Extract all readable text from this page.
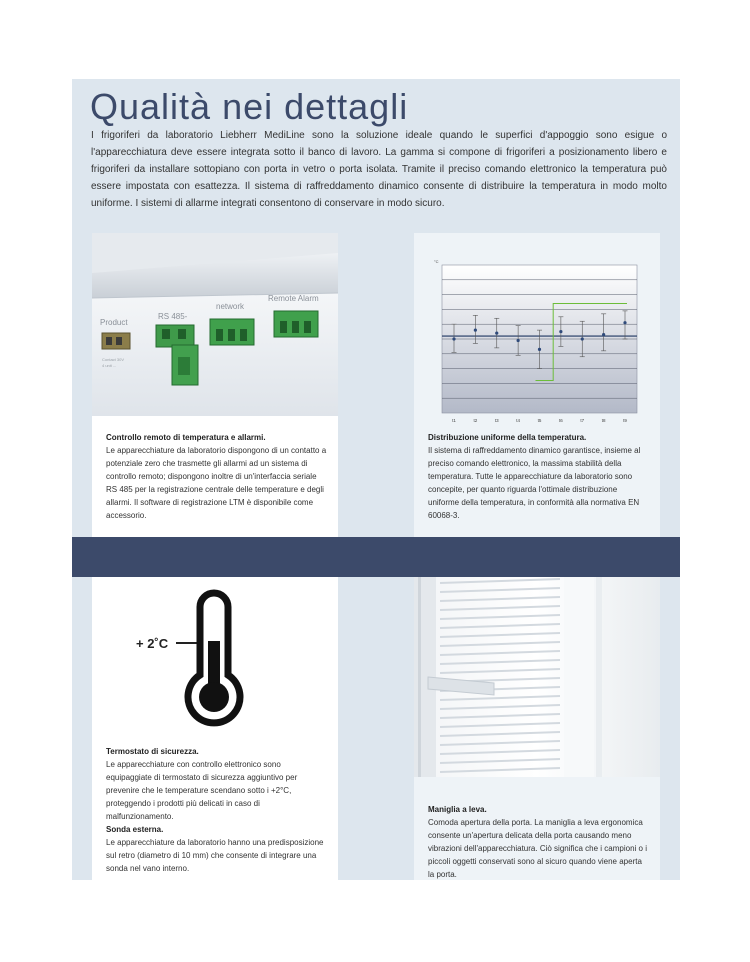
Qualità nei dettagli

I frigoriferi da laboratorio Liebherr MediLine sono la soluzione ideale quando le superfici d'appoggio sono esigue o l'apparecchiatura deve essere integrata sotto il banco di lavoro. La gamma si compone di frigoriferi a posizionamento libero e frigoriferi da installare sottopiano con porta in vetro o porta isolata. Tramite il preciso comando elettronico la temperatura può essere impostata con esattezza. Il sistema di raffreddamento dinamico consente di distribuire la temperatura in modo molto uniforme. I sistemi di allarme integrati consentono di conservare in modo sicuro.

Product
RS 485-
network
Remote Alarm
Contact 30V
4 unit ...
Controllo remoto di temperatura e allarmi.

Le apparecchiature da laboratorio dispongono di un contatto a potenziale zero che trasmette gli allarmi ad un sistema di controllo remoto; dispongono inoltre di un'interfaccia seriale RS 485 per la registrazione centrale delle temperature e degli allarmi. Il software di registrazione LTM è disponibile come accessorio.

°C
t1	t2	t3	t4	t5	t6	t7	t8	t9
Distribuzione uniforme della temperatura.

Il sistema di raffreddamento dinamico garantisce, insieme al preciso comando elettronico, la massima stabilità della temperatura. Tutte le apparecchiature da laboratorio sono concepite, per quanto riguarda l'ottimale distribuzione uniforme della temperatura, in conformità alla normativa EN 60068-3.

+ 2˚C
Termostato di sicurezza.

Le apparecchiature con controllo elettronico sono equipaggiate di termostato di sicurezza aggiuntivo per prevenire che le temperature scendano sotto i +2°C, proteggendo i prodotti più delicati in caso di malfunzionamento.

Sonda esterna.

Le apparecchiature da laboratorio hanno una predisposizione sul retro (diametro di 10 mm) che consente di integrare una sonda nel vano interno.

Maniglia a leva.

Comoda apertura della porta. La maniglia a leva ergonomica consente un'apertura delicata della porta causando meno vibrazioni dell'apparecchiatura. Ciò significa che i campioni o i piccoli oggetti conservati sono al sicuro quando viene aperta la porta.
